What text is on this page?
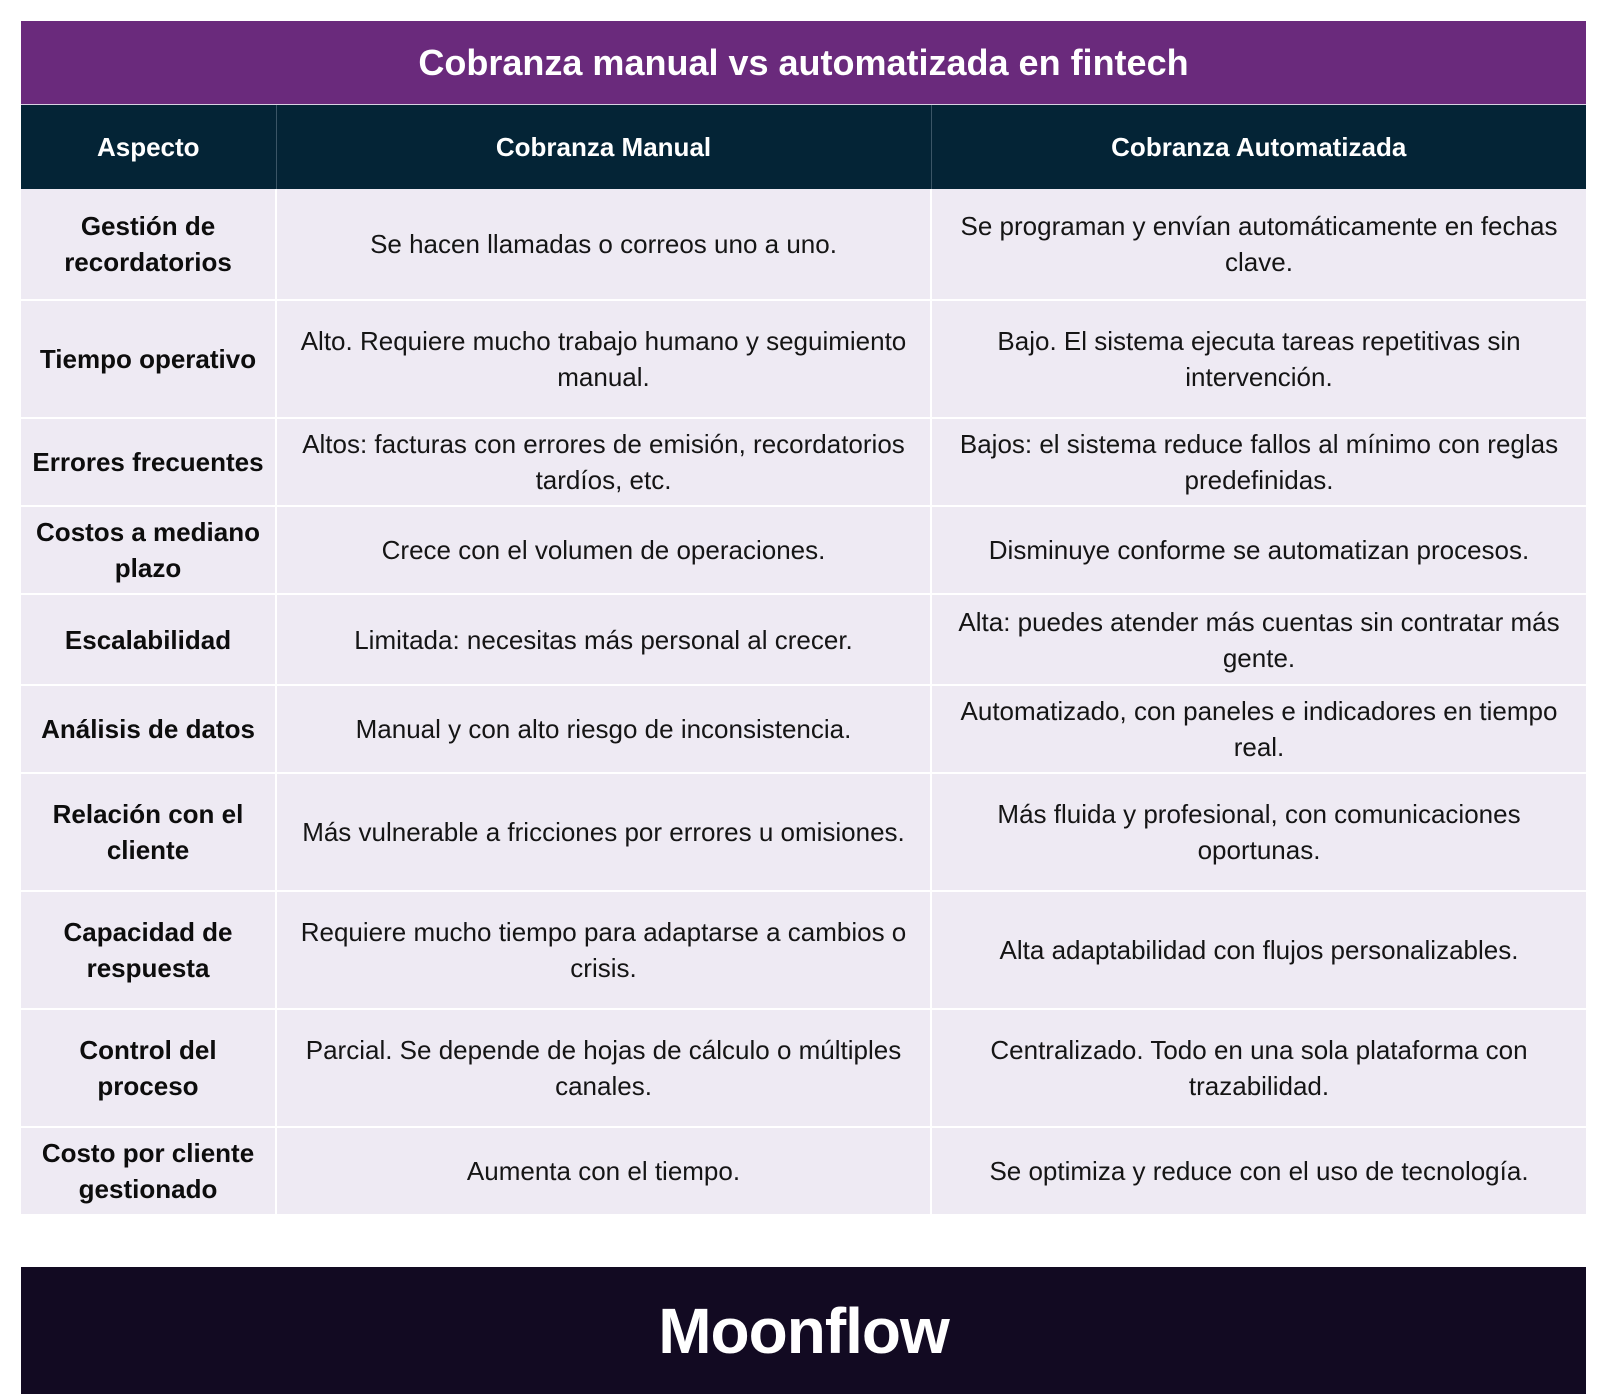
Cobranza manual vs automatizada en fintech
Aspecto	Cobranza Manual	Cobranza Automatizada
Gestión de recordatorios	Se hacen llamadas o correos uno a uno.	Se programan y envían automáticamente en fechas clave.
Tiempo operativo	Alto. Requiere mucho trabajo humano y seguimiento manual.	Bajo. El sistema ejecuta tareas repetitivas sin intervención.
Errores frecuentes	Altos: facturas con errores de emisión, recordatorios tardíos, etc.	Bajos: el sistema reduce fallos al mínimo con reglas predefinidas.
Costos a mediano plazo	Crece con el volumen de operaciones.	Disminuye conforme se automatizan procesos.
Escalabilidad	Limitada: necesitas más personal al crecer.	Alta: puedes atender más cuentas sin contratar más gente.
Análisis de datos	Manual y con alto riesgo de inconsistencia.	Automatizado, con paneles e indicadores en tiempo real.
Relación con el cliente	Más vulnerable a fricciones por errores u omisiones.	Más fluida y profesional, con comunicaciones oportunas.
Capacidad de respuesta	Requiere mucho tiempo para adaptarse a cambios o crisis.	Alta adaptabilidad con flujos personalizables.
Control del proceso	Parcial. Se depende de hojas de cálculo o múltiples canales.	Centralizado. Todo en una sola plataforma con trazabilidad.
Costo por cliente gestionado	Aumenta con el tiempo.	Se optimiza y reduce con el uso de tecnología.
Moonflow
